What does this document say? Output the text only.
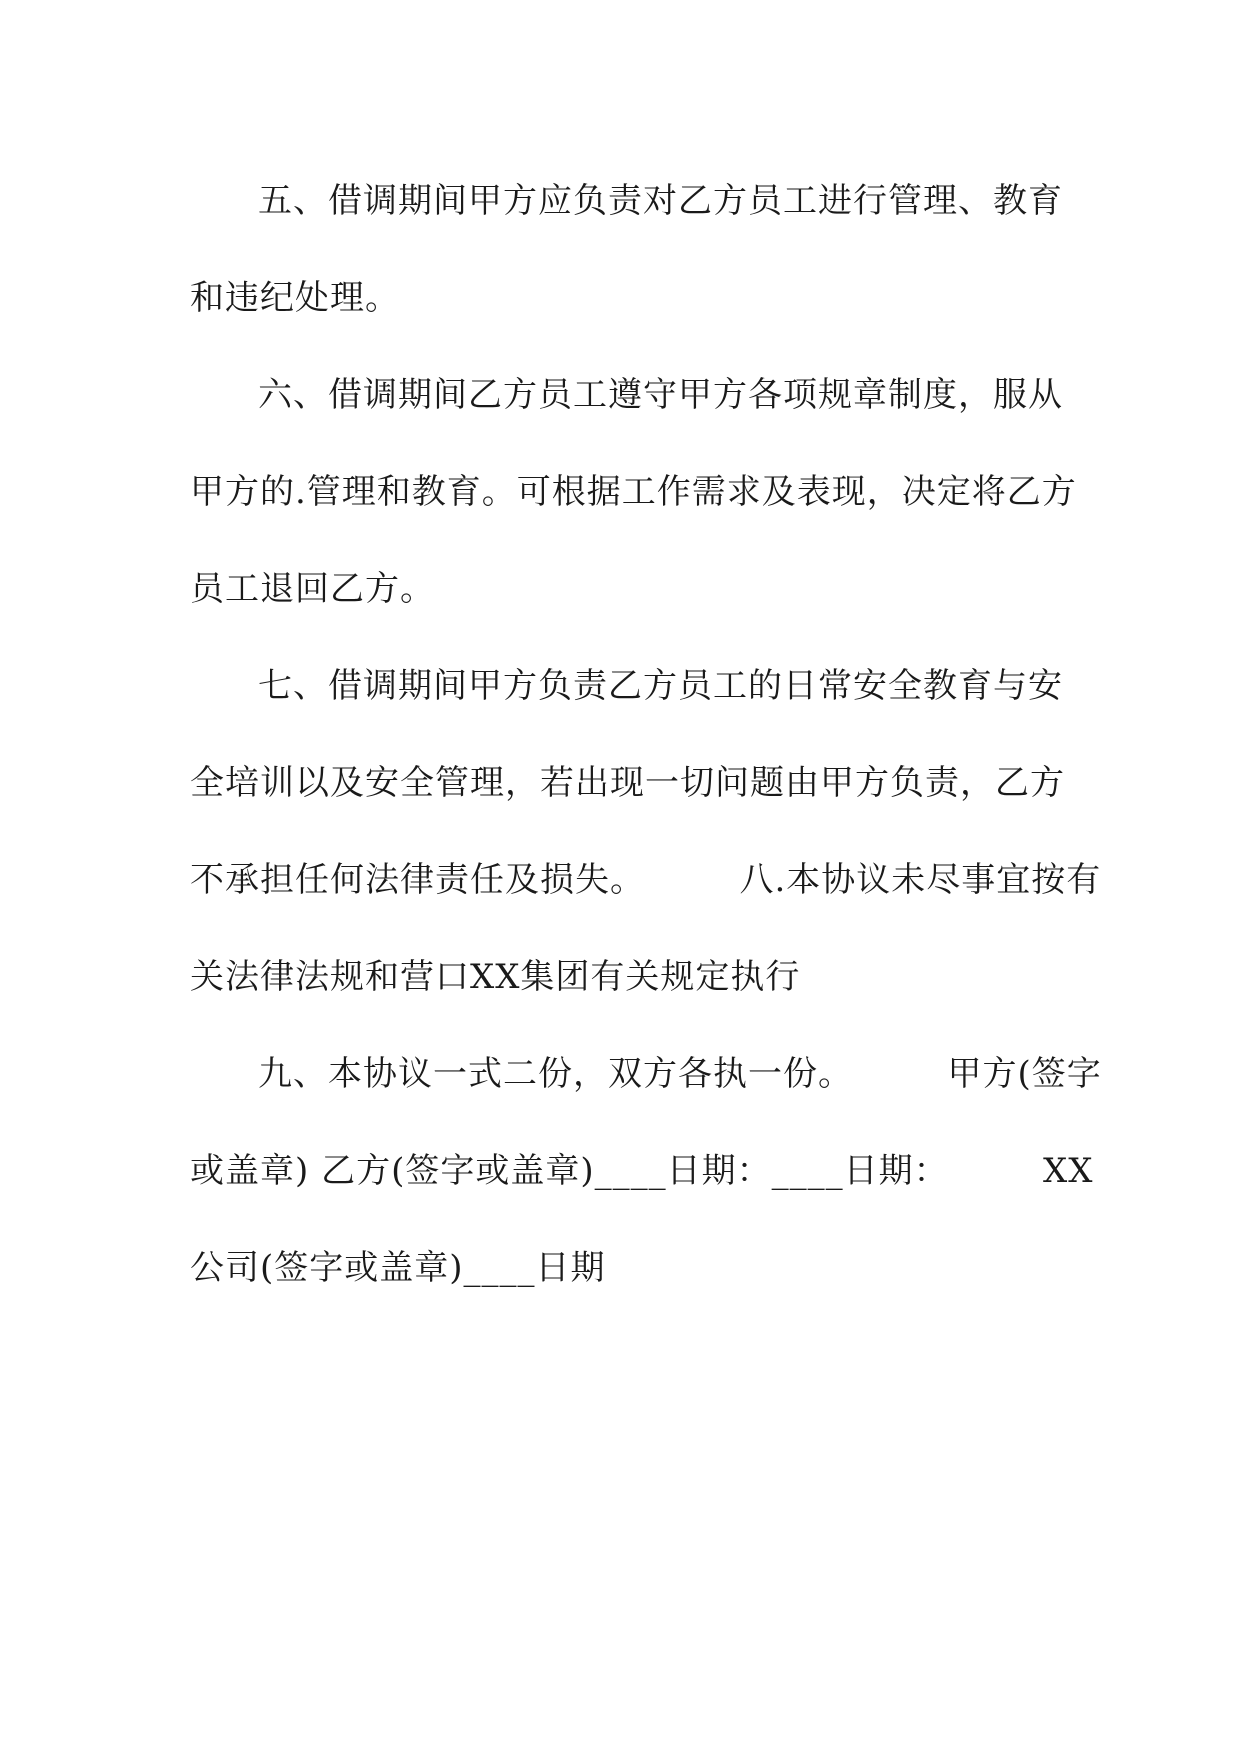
五、借调期间甲方应负责对乙方员工进行管理、教育
和违纪处理。
六、借调期间乙方员工遵守甲方各项规章制度，服从
甲方的.管理和教育。可根据工作需求及表现，决定将乙方
员工退回乙方。
七、借调期间甲方负责乙方员工的日常安全教育与安
全培训以及安全管理，若出现一切问题由甲方负责，乙方
不承担任何法律责任及损失。        八.本协议未尽事宜按有
关法律法规和营口XX集团有关规定执行
九、本协议一式二份，双方各执一份。        甲方(签字
或盖章) 乙方(签字或盖章)____日期：____日期：        XX
公司(签字或盖章)____日期
